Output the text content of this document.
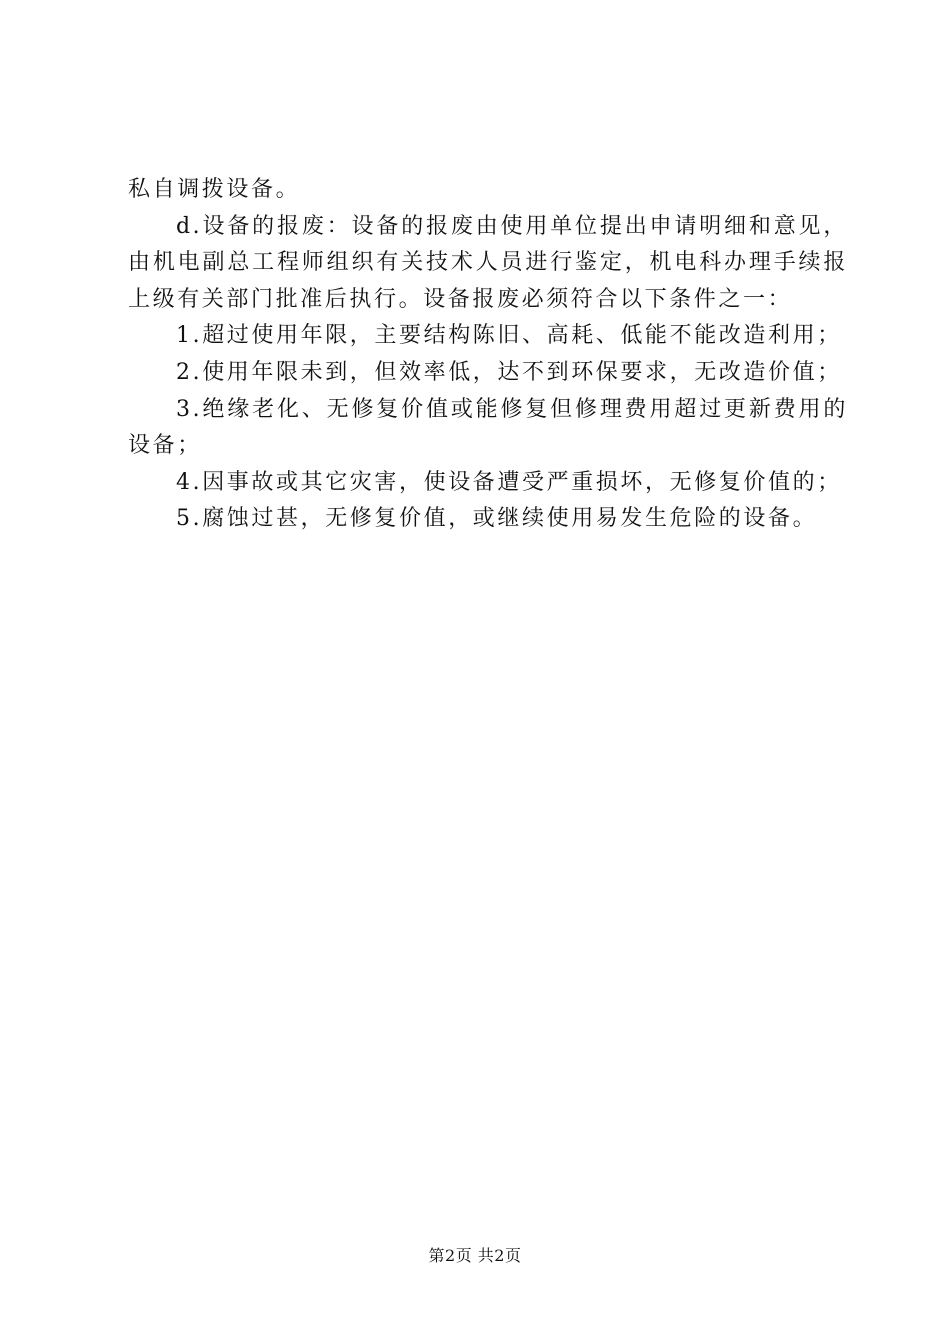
私自调拨设备。

d.设备的报废：设备的报废由使用单位提出申请明细和意见，由机电副总工程师组织有关技术人员进行鉴定，机电科办理手续报上级有关部门批准后执行。设备报废必须符合以下条件之一：

1.超过使用年限，主要结构陈旧、高耗、低能不能改造利用；

2.使用年限未到，但效率低，达不到环保要求，无改造价值；

3.绝缘老化、无修复价值或能修复但修理费用超过更新费用的设备；

4.因事故或其它灾害，使设备遭受严重损坏，无修复价值的；

5.腐蚀过甚，无修复价值，或继续使用易发生危险的设备。

第2页 共2页
